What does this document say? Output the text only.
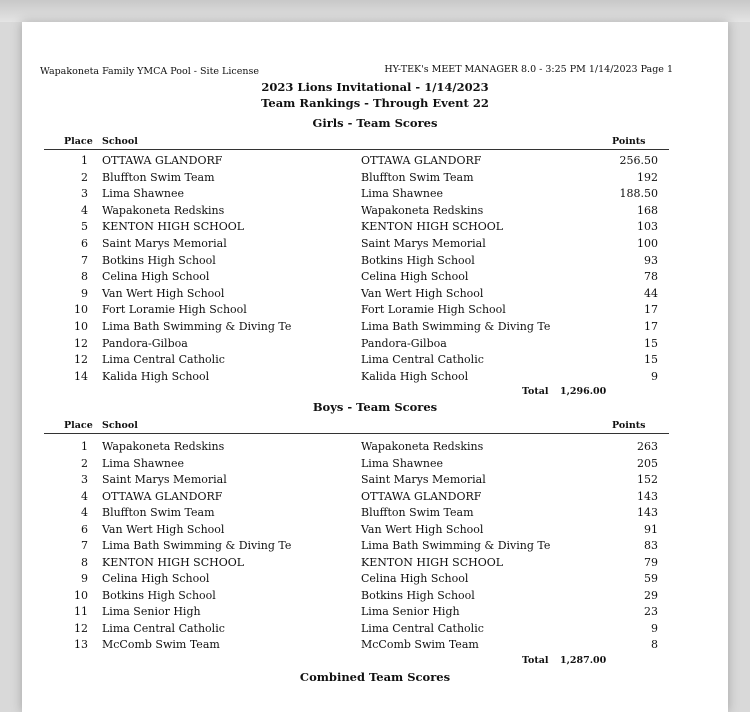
Wapakoneta Family YMCA Pool - Site License	HY-TEK's MEET MANAGER 8.0 - 3:25 PM 1/14/2023 Page 1
2023 Lions Invitational - 1/14/2023
Team Rankings - Through Event 22
Girls - Team Scores
Place School	Points
1 OTTAWA GLANDORF	OTTAWA GLANDORF	256.50
2 Bluffton Swim Team	Bluffton Swim Team	192
3 Lima Shawnee	Lima Shawnee	188.50
4 Wapakoneta Redskins	Wapakoneta Redskins	168
5 KENTON HIGH SCHOOL	KENTON HIGH SCHOOL	103
6 Saint Marys Memorial	Saint Marys Memorial	100
7 Botkins High School	Botkins High School	93
8 Celina High School	Celina High School	78
9 Van Wert High School	Van Wert High School	44
10 Fort Loramie High School	Fort Loramie High School	17
10 Lima Bath Swimming & Diving Te	Lima Bath Swimming & Diving Te	17
12 Pandora-Gilboa	Pandora-Gilboa	15
12 Lima Central Catholic	Lima Central Catholic	15
14 Kalida High School	Kalida High School	9
Total 1,296.00
Boys - Team Scores
Place School	Points
1 Wapakoneta Redskins	Wapakoneta Redskins	263
2 Lima Shawnee	Lima Shawnee	205
3 Saint Marys Memorial	Saint Marys Memorial	152
4 OTTAWA GLANDORF	OTTAWA GLANDORF	143
4 Bluffton Swim Team	Bluffton Swim Team	143
6 Van Wert High School	Van Wert High School	91
7 Lima Bath Swimming & Diving Te	Lima Bath Swimming & Diving Te	83
8 KENTON HIGH SCHOOL	KENTON HIGH SCHOOL	79
9 Celina High School	Celina High School	59
10 Botkins High School	Botkins High School	29
11 Lima Senior High	Lima Senior High	23
12 Lima Central Catholic	Lima Central Catholic	9
13 McComb Swim Team	McComb Swim Team	8
Total 1,287.00
Combined Team Scores
